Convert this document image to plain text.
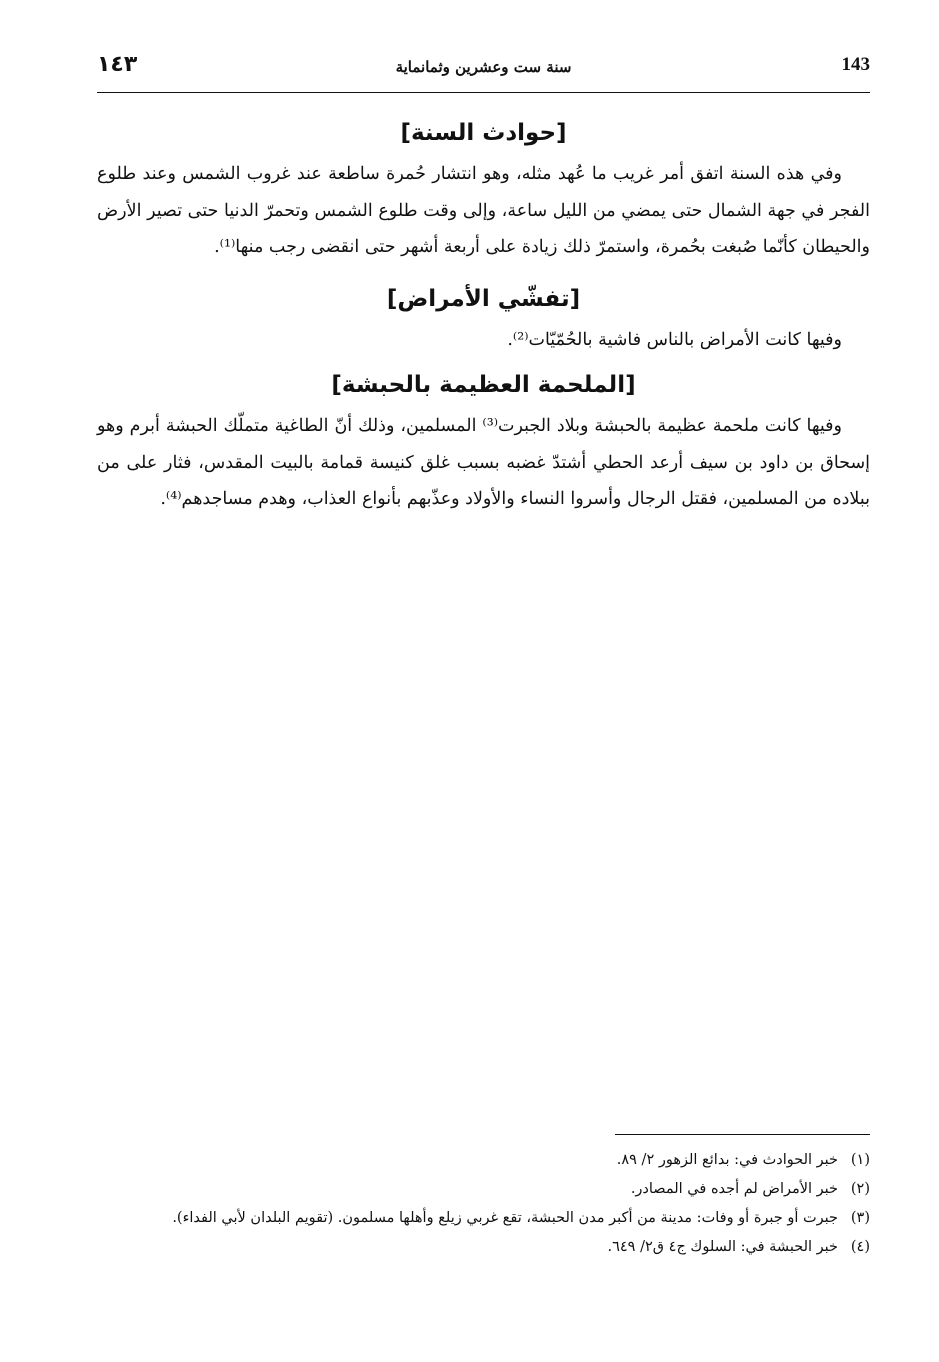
١٤٣	سنة ست وعشرين وثمانماية	143
[حوادث السنة]

وفي هذه السنة اتفق أمر غريب ما عُهد مثله، وهو انتشار حُمرة ساطعة عند غروب الشمس وعند طلوع الفجر في جهة الشمال حتى يمضي من الليل ساعة، وإلى وقت طلوع الشمس وتحمرّ الدنيا حتى تصير الأرض والحيطان كأنّما صُبغت بحُمرة، واستمرّ ذلك زيادة على أربعة أشهر حتى انقضى رجب منها⁽¹⁾.

[تفشّي الأمراض]

وفيها كانت الأمراض بالناس فاشية بالحُمّيّات⁽²⁾.

[الملحمة العظيمة بالحبشة]

وفيها كانت ملحمة عظيمة بالحبشة وبلاد الجبرت⁽³⁾ المسلمين، وذلك أنّ الطاغية متملّك الحبشة أبرم وهو إسحاق بن داود بن سيف أرعد الحطي أشتدّ غضبه بسبب غلق كنيسة قمامة بالبيت المقدس، فثار على من ببلاده من المسلمين، فقتل الرجال وأسروا النساء والأولاد وعذّبهم بأنواع العذاب، وهدم مساجدهم⁽⁴⁾.

(١)
خبر الحوادث في: بدائع الزهور ٢/ ٨٩.
(٢)
خبر الأمراض لم أجده في المصادر.
(٣)
جبرت أو جبرة أو وفات: مدينة من أكبر مدن الحبشة، تقع غربي زيلع وأهلها مسلمون. (تقويم البلدان لأبي الفداء).
(٤)
خبر الحبشة في: السلوك ج٤ ق٢/ ٦٤٩.
